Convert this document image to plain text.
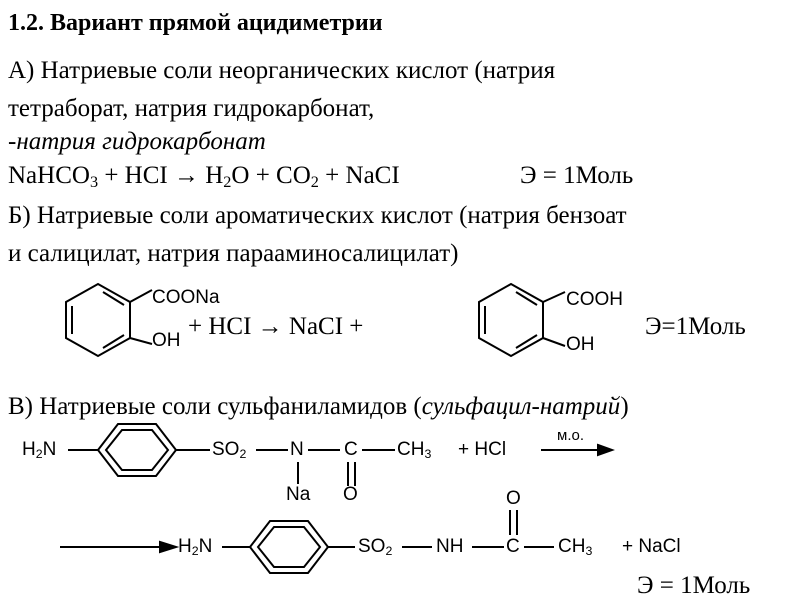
1.2. Вариант прямой ацидиметрии
А) Натриевые соли неорганических кислот (натрия
тетраборат, натрия гидрокарбонат,
-натрия гидрокарбонат
NaHCO$_3$ + HCI → $H_2O + CO_2$ + NaCI	Э = 1Моль
Б) Натриевые соли ароматических кислот (натрия бензоат
и салицилат, натрия парааминосалицилат)
COONa
OH
+ HCI → NaCI +
COOH
OH
Э=1Моль
В) Натриевые соли сульфаниламидов (сульфацил-натрий)
$H_2N$	$SO_2$ N
Na
C
O
$CH_3$ + HCl
м.о.
$H_2N$	$SO_2$ NH C
O
$CH_3$ + NaCl
Э = 1Моль
